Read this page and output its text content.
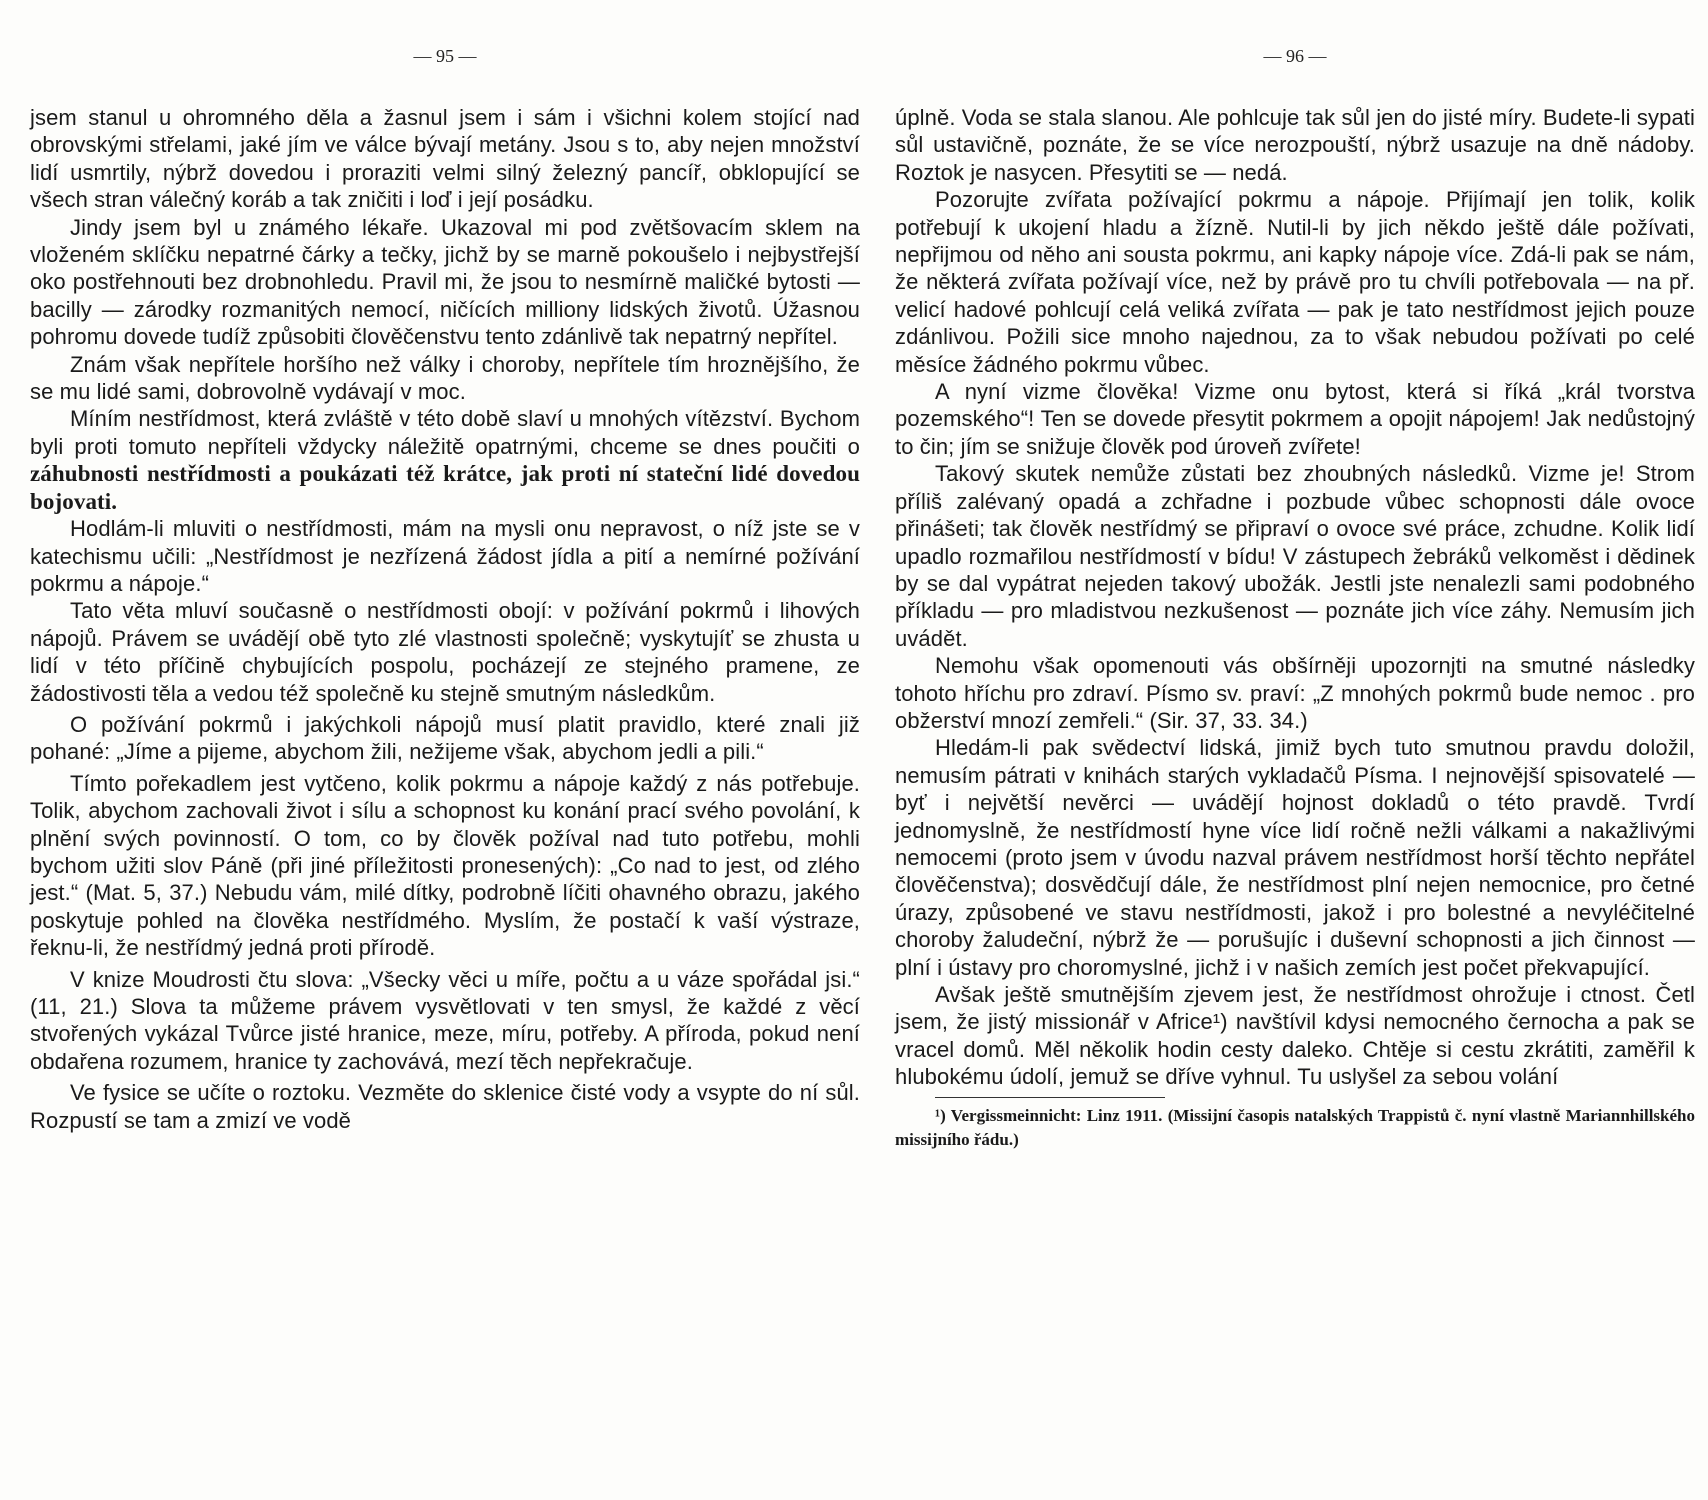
— 95 —

jsem stanul u ohromného děla a žasnul jsem i sám i všichni kolem stojící nad obrovskými střelami, jaké jím ve válce bývají metány. Jsou s to, aby nejen množství lidí usmrtily, nýbrž dovedou i proraziti velmi silný železný pancíř, obklopující se všech stran válečný koráb a tak zničiti i loď i její posádku.

Jindy jsem byl u známého lékaře. Ukazoval mi pod zvětšovacím sklem na vloženém sklíčku nepatrné čárky a tečky, jichž by se marně pokoušelo i nejbystřejší oko postřehnouti bez drobnohledu. Pravil mi, že jsou to nesmírně maličké bytosti — bacilly — zárodky rozmanitých nemocí, ničících milliony lidských životů. Úžasnou pohromu dovede tudíž způsobiti člověčenstvu tento zdánlivě tak nepatrný nepřítel.

Znám však nepřítele horšího než války i choroby, nepřítele tím hroznějšího, že se mu lidé sami, dobrovolně vydávají v moc.

Míním nestřídmost, která zvláště v této době slaví u mnohých vítězství. Bychom byli proti tomuto nepříteli vždycky náležitě opatrnými, chceme se dnes poučiti o záhubnosti nestřídmosti a poukázati též krátce, jak proti ní stateční lidé dovedou bojovati.

Hodlám-li mluviti o nestřídmosti, mám na mysli onu nepravost, o níž jste se v katechismu učili: „Nestřídmost je nezřízená žádost jídla a pití a nemírné požívání pokrmu a nápoje.“

Tato věta mluví současně o nestřídmosti obojí: v požívání pokrmů i lihových nápojů. Právem se uvádějí obě tyto zlé vlastnosti společně; vyskytujíť se zhusta u lidí v této příčině chybujících pospolu, pocházejí ze stejného pramene, ze žádostivosti těla a vedou též společně ku stejně smutným následkům.

O požívání pokrmů i jakýchkoli nápojů musí platit pravidlo, které znali již pohané: „Jíme a pijeme, abychom žili, nežijeme však, abychom jedli a pili.“

Tímto pořekadlem jest vytčeno, kolik pokrmu a nápoje každý z nás potřebuje. Tolik, abychom zachovali život i sílu a schopnost ku konání prací svého povolání, k plnění svých povinností. O tom, co by člověk požíval nad tuto potřebu, mohli bychom užiti slov Páně (při jiné příležitosti pronesených): „Co nad to jest, od zlého jest.“ (Mat. 5, 37.) Nebudu vám, milé dítky, podrobně líčiti ohavného obrazu, jakého poskytuje pohled na člověka nestřídmého. Myslím, že postačí k vaší výstraze, řeknu-li, že nestřídmý jedná proti přírodě.

V knize Moudrosti čtu slova: „Všecky věci u míře, počtu a u váze spořádal jsi.“ (11, 21.) Slova ta můžeme právem vysvětlovati v ten smysl, že každé z věcí stvořených vykázal Tvůrce jisté hranice, meze, míru, potřeby. A příroda, pokud není obdařena rozumem, hranice ty zachovává, mezí těch nepřekračuje.

Ve fysice se učíte o roztoku. Vezměte do sklenice čisté vody a vsypte do ní sůl. Rozpustí se tam a zmizí ve vodě

— 96 —

úplně. Voda se stala slanou. Ale pohlcuje tak sůl jen do jisté míry. Budete-li sypati sůl ustavičně, poznáte, že se více nerozpouští, nýbrž usazuje na dně nádoby. Roztok je nasycen. Přesytiti se — nedá.

Pozorujte zvířata požívající pokrmu a nápoje. Přijímají jen tolik, kolik potřebují k ukojení hladu a žízně. Nutil-li by jich někdo ještě dále požívati, nepřijmou od něho ani sousta pokrmu, ani kapky nápoje více. Zdá-li pak se nám, že některá zvířata požívají více, než by právě pro tu chvíli potřebovala — na př. velicí hadové pohlcují celá veliká zvířata — pak je tato nestřídmost jejich pouze zdánlivou. Požili sice mnoho najednou, za to však nebudou požívati po celé měsíce žádného pokrmu vůbec.

A nyní vizme člověka! Vizme onu bytost, která si říká „král tvorstva pozemského“! Ten se dovede přesytit pokrmem a opojit nápojem! Jak nedůstojný to čin; jím se snižuje člověk pod úroveň zvířete!

Takový skutek nemůže zůstati bez zhoubných následků. Vizme je! Strom příliš zalévaný opadá a zchřadne i pozbude vůbec schopnosti dále ovoce přinášeti; tak člověk nestřídmý se připraví o ovoce své práce, zchudne. Kolik lidí upadlo rozmařilou nestřídmostí v bídu! V zástupech žebráků velkoměst i dědinek by se dal vypátrat nejeden takový ubožák. Jestli jste nenalezli sami podobného příkladu — pro mladistvou nezkušenost — poznáte jich více záhy. Nemusím jich uvádět.

Nemohu však opomenouti vás obšírněji upozornjti na smutné následky tohoto hříchu pro zdraví. Písmo sv. praví: „Z mnohých pokrmů bude nemoc . pro obžerství mnozí zemřeli.“ (Sir. 37, 33. 34.)

Hledám-li pak svědectví lidská, jimiž bych tuto smutnou pravdu doložil, nemusím pátrati v knihách starých vykladačů Písma. I nejnovější spisovatelé — byť i největší nevěrci — uvádějí hojnost dokladů o této pravdě. Tvrdí jednomyslně, že nestřídmostí hyne více lidí ročně nežli válkami a nakažlivými nemocemi (proto jsem v úvodu nazval právem nestřídmost horší těchto nepřátel člověčenstva); dosvědčují dále, že nestřídmost plní nejen nemocnice, pro četné úrazy, způsobené ve stavu nestřídmosti, jakož i pro bolestné a nevyléčitelné choroby žaludeční, nýbrž že — porušujíc i duševní schopnosti a jich činnost — plní i ústavy pro choromyslné, jichž i v našich zemích jest počet překvapující.

Avšak ještě smutnějším zjevem jest, že nestřídmost ohrožuje i ctnost. Četl jsem, že jistý missionář v Africe¹) navštívil kdysi nemocného černocha a pak se vracel domů. Měl několik hodin cesty daleko. Chtěje si cestu zkrátiti, zaměřil k hlubokému údolí, jemuž se dříve vyhnul. Tu uslyšel za sebou volání

¹) Vergissmeinnicht: Linz 1911. (Missijní časopis natalských Trappistů č. nyní vlastně Mariannhillského missijního řádu.)
